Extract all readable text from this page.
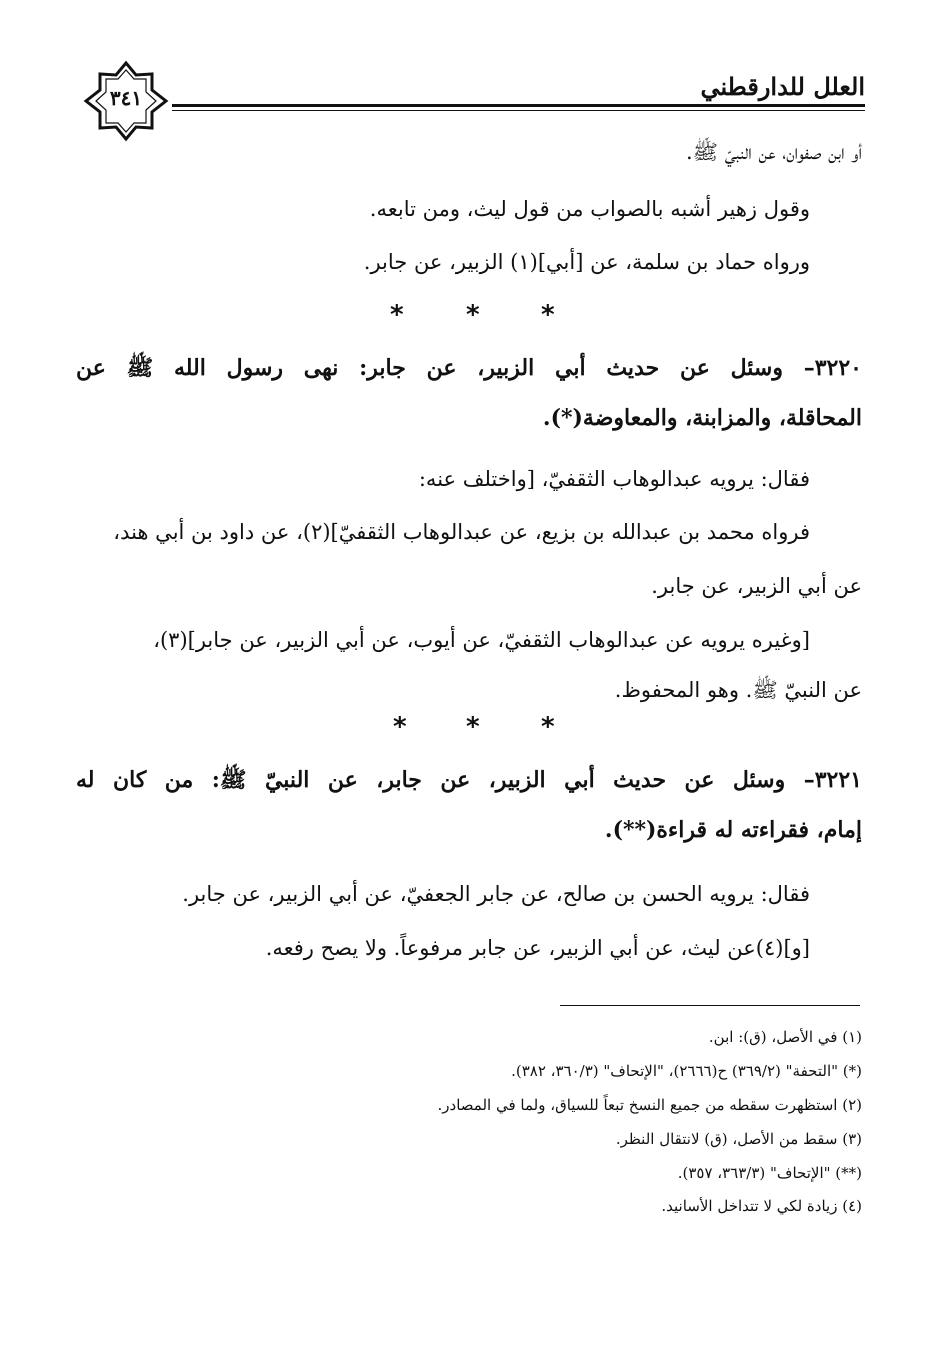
٣٤١	العلل للدارقطني
أو ابن صفوان، عن النبيّ ﷺ.
وقول زهير أشبه بالصواب من قول ليث، ومن تابعه.
ورواه حماد بن سلمة، عن [أبي](١) الزبير، عن جابر.
* * *
٣٢٢٠– وسئل عن حديث أبي الزبير، عن جابر: نهى رسول الله ﷺ عن
المحاقلة، والمزابنة، والمعاوضة(*).
فقال: يرويه عبدالوهاب الثقفيّ، [واختلف عنه:
فرواه محمد بن عبدالله بن بزيع، عن عبدالوهاب الثقفيّ](٢)، عن داود بن أبي هند،
عن أبي الزبير، عن جابر.
[وغيره يرويه عن عبدالوهاب الثقفيّ، عن أيوب، عن أبي الزبير، عن جابر](٣)،
عن النبيّ ﷺ. وهو المحفوظ.
* * *
٣٢٢١– وسئل عن حديث أبي الزبير، عن جابر، عن النبيّ ﷺ: من كان له
إمام، فقراءته له قراءة(**).
فقال: يرويه الحسن بن صالح، عن جابر الجعفيّ، عن أبي الزبير، عن جابر.
[و](٤)عن ليث، عن أبي الزبير، عن جابر مرفوعاً. ولا يصح رفعه.
(١) في الأصل، (ق): ابن.
(*) "التحفة" (٣٦٩/٢) ح(٢٦٦٦)، "الإتحاف" (٣٦٠/٣، ٣٨٢).
(٢) استظهرت سقطه من جميع النسخ تبعاً للسياق، ولما في المصادر.
(٣) سقط من الأصل، (ق) لانتقال النظر.
(**) "الإتحاف" (٣٦٣/٣، ٣٥٧).
(٤) زيادة لكي لا تتداخل الأسانيد.
